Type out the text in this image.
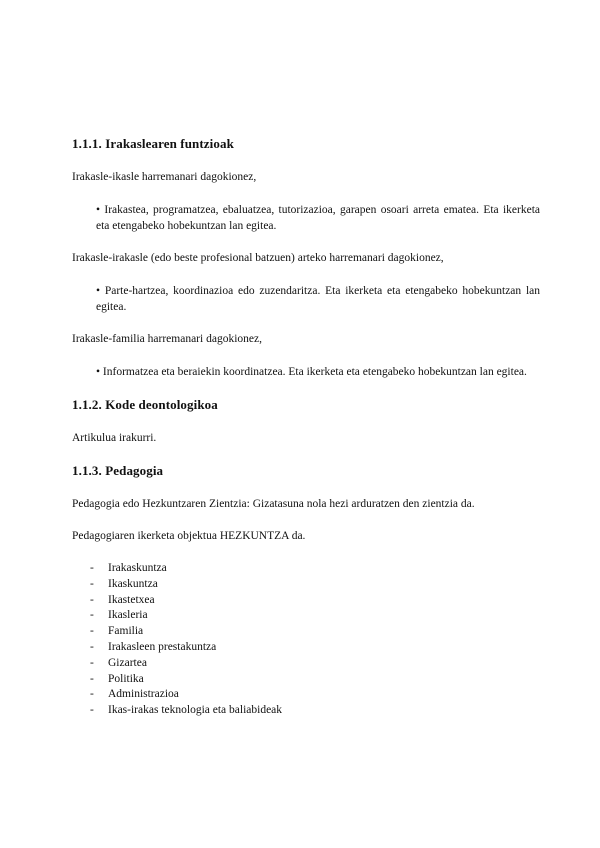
1.1.1. Irakaslearen funtzioak
Irakasle-ikasle harremanari dagokionez,
• Irakastea, programatzea, ebaluatzea, tutorizazioa, garapen osoari arreta ematea. Eta ikerketa eta etengabeko hobekuntzan lan egitea.
Irakasle-irakasle (edo beste profesional batzuen) arteko harremanari dagokionez,
• Parte-hartzea, koordinazioa edo zuzendaritza. Eta ikerketa eta etengabeko hobekuntzan lan egitea.
Irakasle-familia harremanari dagokionez,
• Informatzea eta beraiekin koordinatzea. Eta ikerketa eta etengabeko hobekuntzan lan egitea.
1.1.2. Kode deontologikoa
Artikulua irakurri.
1.1.3. Pedagogia
Pedagogia edo Hezkuntzaren Zientzia: Gizatasuna nola hezi arduratzen den zientzia da.
Pedagogiaren ikerketa objektua HEZKUNTZA da.
- Irakaskuntza
- Ikaskuntza
- Ikastetxea
- Ikasleria
- Familia
- Irakasleen prestakuntza
- Gizartea
- Politika
- Administrazioa
- Ikas-irakas teknologia eta baliabideak
